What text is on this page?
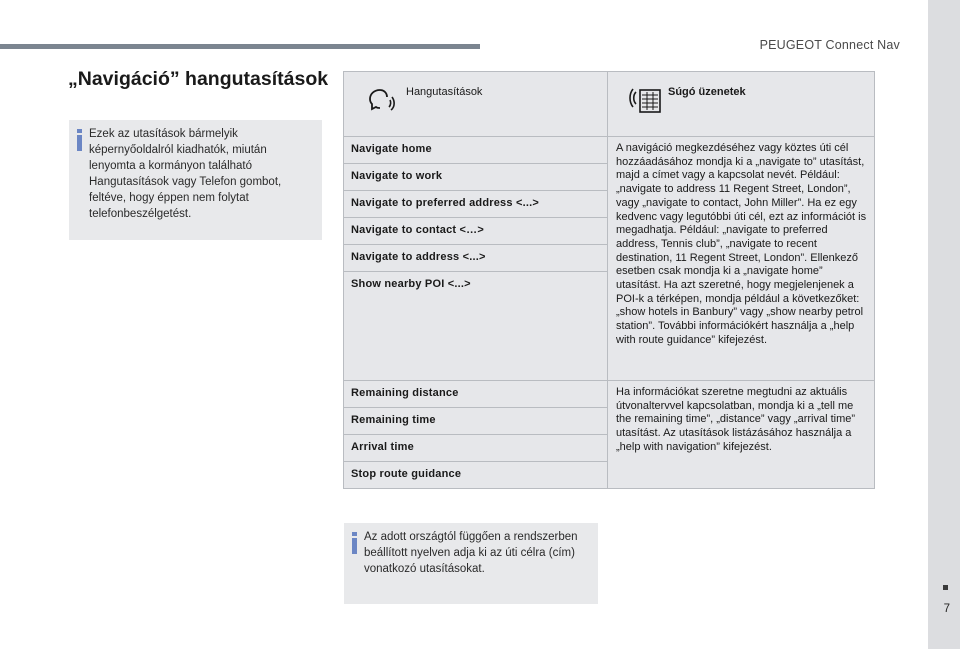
PEUGEOT Connect Nav
7
„Navigáció” hangutasítások
Ezek az utasítások bármelyik képernyőoldalról kiadhatók, miután lenyomta a kormányon található Hangutasítások vagy Telefon gombot, feltéve, hogy éppen nem folytat telefonbeszélgetést.
Hangutasítások	Súgó üzenetek

Navigate home	A navigáció megkezdéséhez vagy köztes úti cél hozzáadásához mondja ki a „navigate to” utasítást, majd a címet vagy a kapcsolat nevét. Például: „navigate to address 11 Regent Street, London”, vagy „navigate to contact, John Miller”. Ha ez egy kedvenc vagy legutóbbi úti cél, ezt az információt is megadhatja. Például: „navigate to preferred address, Tennis club”, „navigate to recent destination, 11 Regent Street, London”. Ellenkező esetben csak mondja ki a „navigate home” utasítást. Ha azt szeretné, hogy megjelenjenek a POI-k a térképen, mondja például a következőket: „show hotels in Banbury” vagy „show nearby petrol station”. További információkért használja a „help with route guidance” kifejezést.
Navigate to work	
Navigate to preferred address <...>	
Navigate to contact <…>	
Navigate to address <...>	
Show nearby POI <...>	
Remaining distance	Ha információkat szeretne megtudni az aktuális útvonaltervvel kapcsolatban, mondja ki a „tell me the remaining time”, „distance” vagy „arrival time” utasítást. Az utasítások listázásához használja a „help with navigation” kifejezést.
Remaining time	
Arrival time	
Stop route guidance	
Az adott országtól függően a rendszerben beállított nyelven adja ki az úti célra (cím) vonatkozó utasításokat.
